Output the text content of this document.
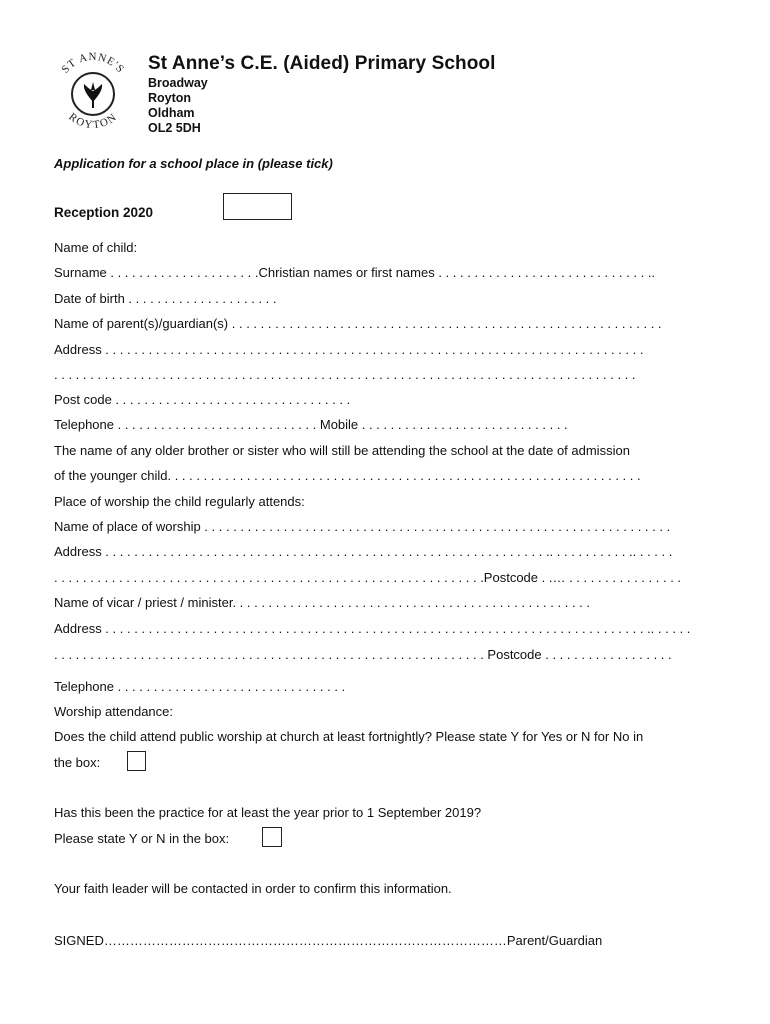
ST ANNE'S
ROYTON
St Anne’s C.E. (Aided) Primary School
Broadway
Royton
Oldham
OL2 5DH
Application for a school place in (please tick)
Reception 2020
Name of child:
Surname . . . . . . . . . . . . . . . . . . . . .Christian names or first names . . . . . . . . . . . . . . . . . . . . . . . . . . . . . ..
Date of birth . . . . . . . . . . . . . . . . . . . . .
Name of parent(s)/guardian(s) . . . . . . . . . . . . . . . . . . . . . . . . . . . . . . . . . . . . . . . . . . . . . . . . . . . . . . . . . . . .
Address . . . . . . . . . . . . . . . . . . . . . . . . . . . . . . . . . . . . . . . . . . . . . . . . . . . . . . . . . . . . . . . . . . . . . . . . . . .
. . . . . . . . . . . . . . . . . . . . . . . . . . . . . . . . . . . . . . . . . . . . . . . . . . . . . . . . . . . . . . . . . . . . . . . . . . . . . . . . .
Post code . . . . . . . . . . . . . . . . . . . . . . . . . . . . . . . . .
Telephone . . . . . . . . . . . . . . . . . . . . . . . . . . . . Mobile . . . . . . . . . . . . . . . . . . . . . . . . . . . . .
The name of any older brother or sister who will still be attending the school at the date of admission
of the younger child. . . . . . . . . . . . . . . . . . . . . . . . . . . . . . . . . . . . . . . . . . . . . . . . . . . . . . . . . . . . . . . . . .
Place of worship the child regularly attends:
Name of place of worship . . . . . . . . . . . . . . . . . . . . . . . . . . . . . . . . . . . . . . . . . . . . . . . . . . . . . . . . . . . . . . . . .
Address . . . . . . . . . . . . . . . . . . . . . . . . . . . . . . . . . . . . . . . . . . . . . . . . . . . . . . . . . . . . . .. . . . . . . . . . . .. . . . . .
. . . . . . . . . . . . . . . . . . . . . . . . . . . . . . . . . . . . . . . . . . . . . . . . . . . . . . . . . . . .Postcode . .… . . . . . . . . . . . . . . . .
Name of vicar / priest / minister. . . . . . . . . . . . . . . . . . . . . . . . . . . . . . . . . . . . . . . . . . . . . . . . . .
Address . . . . . . . . . . . . . . . . . . . . . . . . . . . . . . . . . . . . . . . . . . . . . . . . . . . . . . . . . . . . . . . . . . . . . . . . . . . .. . . . . .
. . . . . . . . . . . . . . . . . . . . . . . . . . . . . . . . . . . . . . . . . . . . . . . . . . . . . . . . . . . . Postcode . . . . . . . . . . . . . . . . . .
Telephone . . . . . . . . . . . . . . . . . . . . . . . . . . . . . . . .
Worship attendance:
Does the child attend public worship at church at least fortnightly? Please state Y for Yes or N for No in
the box:
Has this been the practice for at least the year prior to 1 September 2019?
Please state Y or N in the box:
Your faith leader will be contacted in order to confirm this information.
SIGNED…………………………………………………………………………………Parent/Guardian
